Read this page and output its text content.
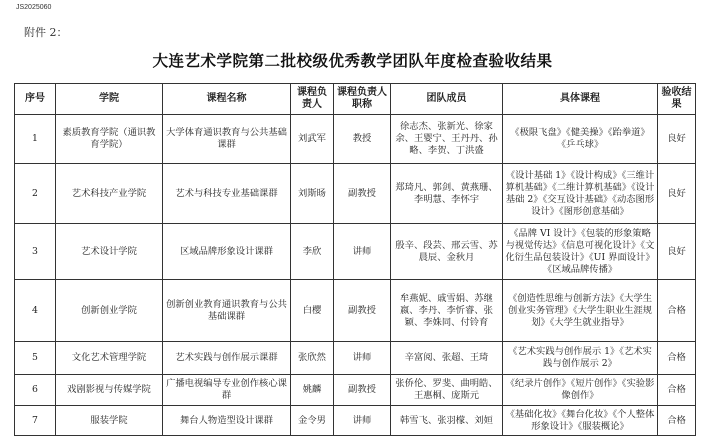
JS2025060
附件 2：
大连艺术学院第二批校级优秀教学团队年度检查验收结果
序号	学院	课程名称	课程负责人	课程负责人职称	团队成员	具体课程	验收结果
1	素质教育学院（通识教育学院）	大学体育通识教育与公共基础课群	刘武军	教授	徐志杰、张新光、徐家余、王婴宁、王丹丹、孙略、李贺、丁洪盛	《极限飞盘》《健美操》《跆拳道》《乒乓球》	良好
2	艺术科技产业学院	艺术与科技专业基础课群	刘斯旸	副教授	郑琦凡、郭剑、黄燕珊、李明慧、李怀宇	《设计基础 1》《设计构成》《三维计算机基础》《二维计算机基础》《设计基础 2》《交互设计基础》《动态图形设计》《图形创意基础》	良好
3	艺术设计学院	区域品牌形象设计课群	李欣	讲师	殷辛、段芸、邢云雪、苏晨辰、金秋月	《品牌 VI 设计》《包装的形象策略与视觉传达》《信息可视化设计》《文化衍生品包装设计》《UI 界面设计》《区域品牌传播》	良好
4	创新创业学院	创新创业教育通识教育与公共基础课群	白樱	副教授	牟燕妮、戚雪娟、苏继嬴、李丹、李忻睿、张颖、李姝同、付铃育	《创造性思维与创新方法》《大学生创业实务管理》《大学生职业生涯规划》《大学生就业指导》	合格
5	文化艺术管理学院	艺术实践与创作展示课群	张欣然	讲师	辛富阅、张超、王琦	《艺术实践与创作展示 1》《艺术实践与创作展示 2》	合格
6	戏剧影视与传媒学院	广播电视编导专业创作核心课群	姚麟	副教授	张侨伦、罗斐、曲明皓、王惠桐、庞斯元	《纪录片创作》《短片创作》《实验影像创作》	合格
7	服装学院	舞台人物造型设计课群	金令男	讲师	韩雪飞、张羽檬、刘姮	《基础化妆》《舞台化妆》《个人整体形象设计》《服装概论》	合格
